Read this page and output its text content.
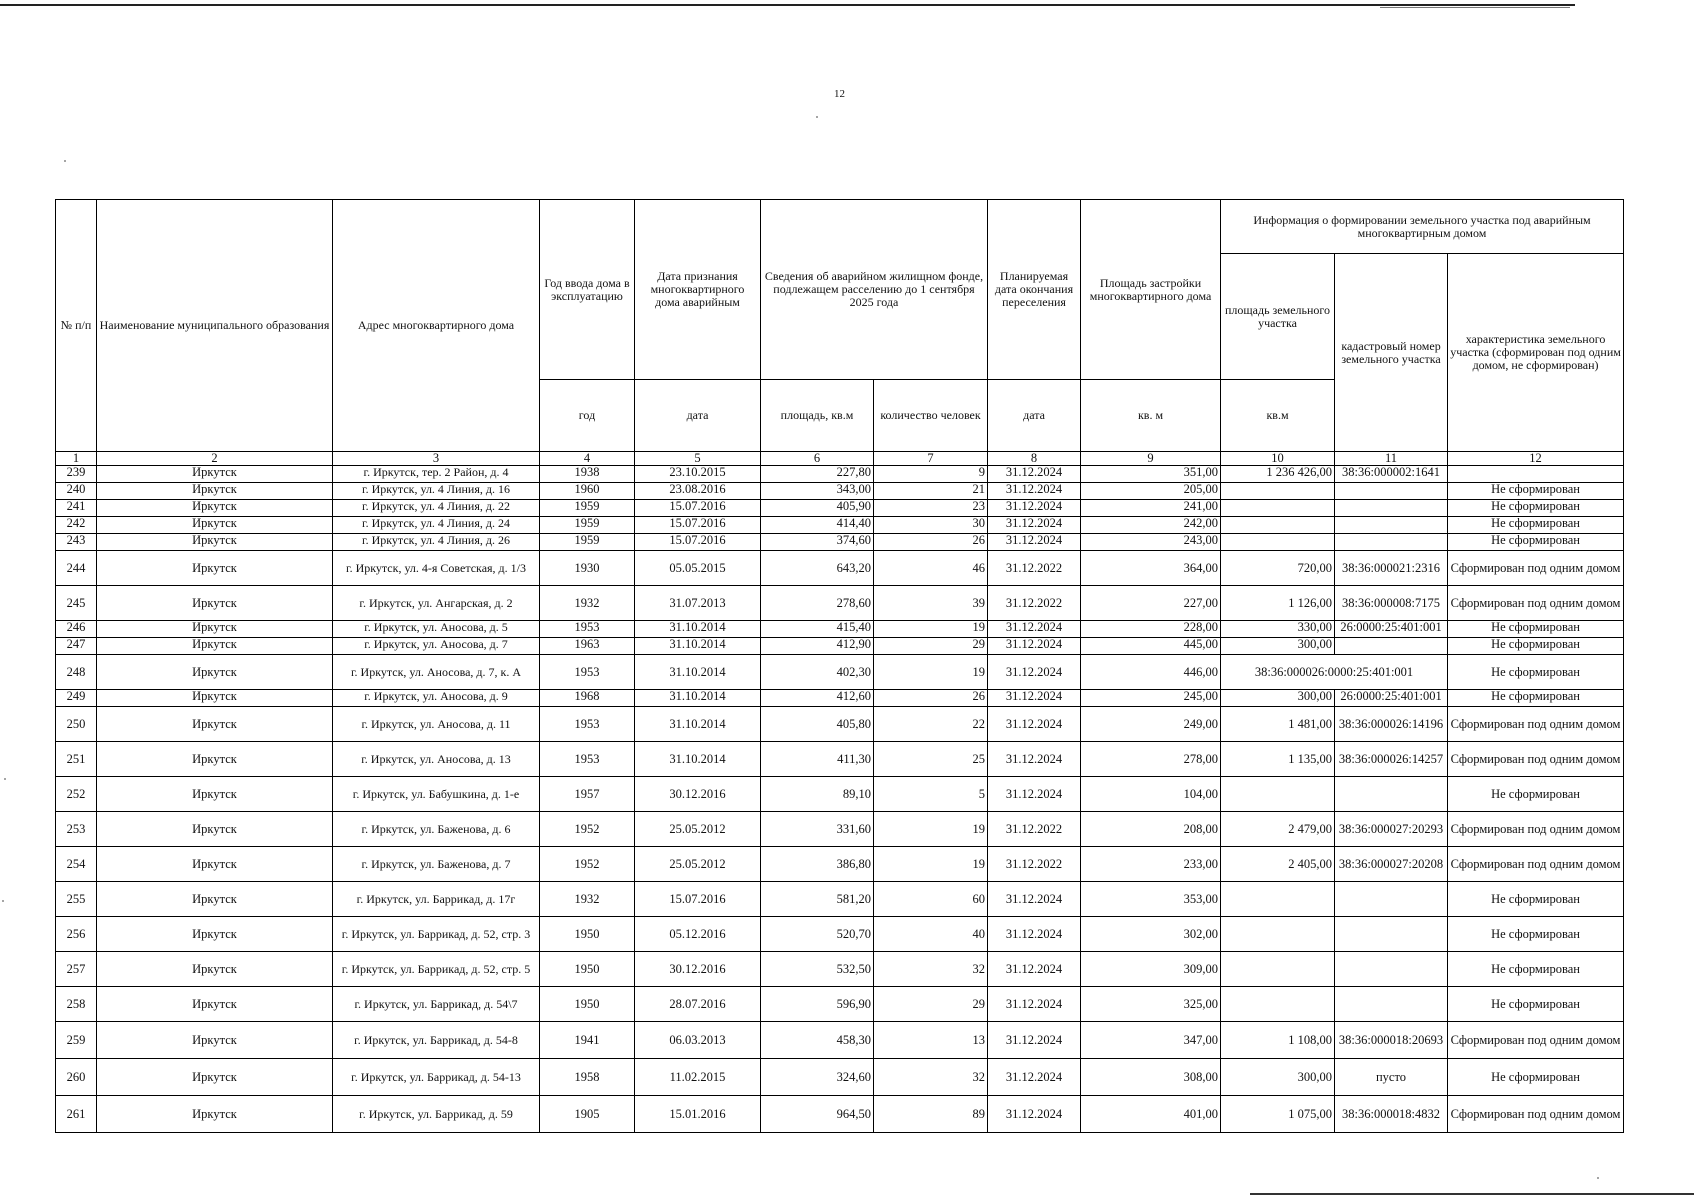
12
№ п/п	Наименование муниципального образования	Адрес многоквартирного дома	Год ввода дома в эксплуатацию	Дата признания многоквартирного дома аварийным	Сведения об аварийном жилищном фонде, подлежащем расселению до 1 сентября 2025 года		Планируемая дата окончания переселения	Площадь застройки многоквартирного дома	Информация о формировании земельного участка под аварийным многоквартирным домом		
									площадь земельного участка	кадастровый номер земельного участка	характеристика земельного участка (сформирован под одним домом, не сформирован)
			год	дата	площадь, кв.м	количество человек	дата	кв. м	кв.м		
1	2	3	4	5	6	7	8	9	10	11	12
239	Иркутск	г. Иркутск, тер. 2 Район, д. 4	1938	23.10.2015	227,80	9	31.12.2024	351,00	1 236 426,00	38:36:000002:1641	
240	Иркутск	г. Иркутск, ул. 4 Линия, д. 16	1960	23.08.2016	343,00	21	31.12.2024	205,00			Не сформирован
241	Иркутск	г. Иркутск, ул. 4 Линия, д. 22	1959	15.07.2016	405,90	23	31.12.2024	241,00			Не сформирован
242	Иркутск	г. Иркутск, ул. 4 Линия, д. 24	1959	15.07.2016	414,40	30	31.12.2024	242,00			Не сформирован
243	Иркутск	г. Иркутск, ул. 4 Линия, д. 26	1959	15.07.2016	374,60	26	31.12.2024	243,00			Не сформирован
244	Иркутск	г. Иркутск, ул. 4-я Советская, д. 1/3	1930	05.05.2015	643,20	46	31.12.2022	364,00	720,00	38:36:000021:2316	Сформирован под одним домом
245	Иркутск	г. Иркутск, ул. Ангарская, д. 2	1932	31.07.2013	278,60	39	31.12.2022	227,00	1 126,00	38:36:000008:7175	Сформирован под одним домом
246	Иркутск	г. Иркутск, ул. Аносова, д. 5	1953	31.10.2014	415,40	19	31.12.2024	228,00	330,00	26:0000:25:401:001	Не сформирован
247	Иркутск	г. Иркутск, ул. Аносова, д. 7	1963	31.10.2014	412,90	29	31.12.2024	445,00	300,00		Не сформирован
248	Иркутск	г. Иркутск, ул. Аносова, д. 7, к. А	1953	31.10.2014	402,30	19	31.12.2024	446,00	38:36:000026:0000:25:401:001		Не сформирован
249	Иркутск	г. Иркутск, ул. Аносова, д. 9	1968	31.10.2014	412,60	26	31.12.2024	245,00	300,00	26:0000:25:401:001	Не сформирован
250	Иркутск	г. Иркутск, ул. Аносова, д. 11	1953	31.10.2014	405,80	22	31.12.2024	249,00	1 481,00	38:36:000026:14196	Сформирован под одним домом
251	Иркутск	г. Иркутск, ул. Аносова, д. 13	1953	31.10.2014	411,30	25	31.12.2024	278,00	1 135,00	38:36:000026:14257	Сформирован под одним домом
252	Иркутск	г. Иркутск, ул. Бабушкина, д. 1-е	1957	30.12.2016	89,10	5	31.12.2024	104,00			Не сформирован
253	Иркутск	г. Иркутск, ул. Баженова, д. 6	1952	25.05.2012	331,60	19	31.12.2022	208,00	2 479,00	38:36:000027:20293	Сформирован под одним домом
254	Иркутск	г. Иркутск, ул. Баженова, д. 7	1952	25.05.2012	386,80	19	31.12.2022	233,00	2 405,00	38:36:000027:20208	Сформирован под одним домом
255	Иркутск	г. Иркутск, ул. Баррикад, д. 17г	1932	15.07.2016	581,20	60	31.12.2024	353,00			Не сформирован
256	Иркутск	г. Иркутск, ул. Баррикад, д. 52, стр. 3	1950	05.12.2016	520,70	40	31.12.2024	302,00			Не сформирован
257	Иркутск	г. Иркутск, ул. Баррикад, д. 52, стр. 5	1950	30.12.2016	532,50	32	31.12.2024	309,00			Не сформирован
258	Иркутск	г. Иркутск, ул. Баррикад, д. 54\7	1950	28.07.2016	596,90	29	31.12.2024	325,00			Не сформирован
259	Иркутск	г. Иркутск, ул. Баррикад, д. 54-8	1941	06.03.2013	458,30	13	31.12.2024	347,00	1 108,00	38:36:000018:20693	Сформирован под одним домом
260	Иркутск	г. Иркутск, ул. Баррикад, д. 54-13	1958	11.02.2015	324,60	32	31.12.2024	308,00	300,00	пусто	Не сформирован
261	Иркутск	г. Иркутск, ул. Баррикад, д. 59	1905	15.01.2016	964,50	89	31.12.2024	401,00	1 075,00	38:36:000018:4832	Сформирован под одним домом
